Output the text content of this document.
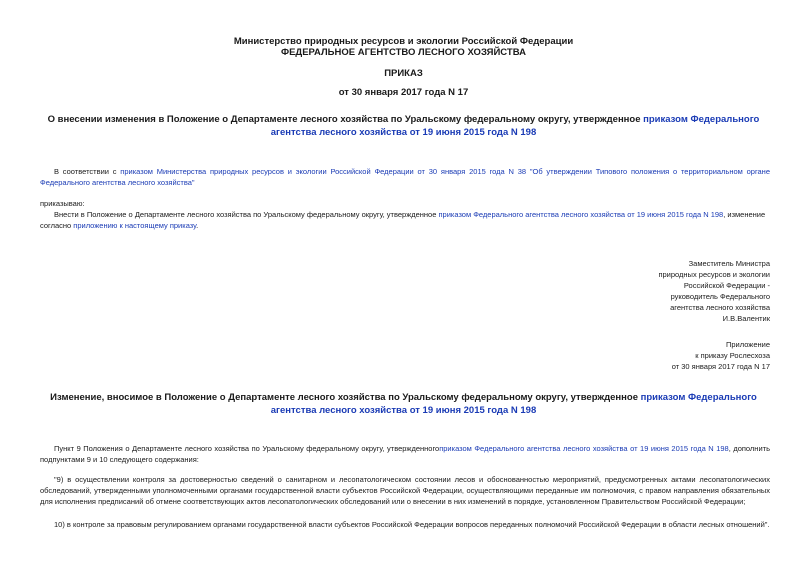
Министерство природных ресурсов и экологии Российской Федерации
ФЕДЕРАЛЬНОЕ АГЕНТСТВО ЛЕСНОГО ХОЗЯЙСТВА
ПРИКАЗ
от 30 января 2017 года N 17
О внесении изменения в Положение о Департаменте лесного хозяйства по Уральскому федеральному округу, утвержденное приказом Федерального агентства лесного хозяйства от 19 июня 2015 года N 198
В соответствии с приказом Министерства природных ресурсов и экологии Российской Федерации от 30 января 2015 года N 38 "Об утверждении Типового положения о территориальном органе Федерального агентства лесного хозяйства"
приказываю:
Внести в Положение о Департаменте лесного хозяйства по Уральскому федеральному округу, утвержденное приказом Федерального агентства лесного хозяйства от 19 июня 2015 года N 198, изменение согласно приложению к настоящему приказу.
Заместитель Министра
природных ресурсов и экологии
Российской Федерации -
руководитель Федерального
агентства лесного хозяйства
И.В.Валентик
Приложение
к приказу Рослесхоза
от 30 января 2017 года N 17
Изменение, вносимое в Положение о Департаменте лесного хозяйства по Уральскому федеральному округу, утвержденное приказом Федерального агентства лесного хозяйства от 19 июня 2015 года N 198
Пункт 9 Положения о Департаменте лесного хозяйства по Уральскому федеральному округу, утвержденногоприказом Федерального агентства лесного хозяйства от 19 июня 2015 года N 198, дополнить подпунктами 9 и 10 следующего содержания:
"9) в осуществлении контроля за достоверностью сведений о санитарном и лесопатологическом состоянии лесов и обоснованностью мероприятий, предусмотренных актами лесопатологических обследований, утвержденными уполномоченными органами государственной власти субъектов Российской Федерации, осуществляющими переданные им полномочия, с правом направления обязательных для исполнения предписаний об отмене соответствующих актов лесопатологических обследований или о внесении в них изменений в порядке, установленном Правительством Российской Федерации;
10) в контроле за правовым регулированием органами государственной власти субъектов Российской Федерации вопросов переданных полномочий Российской Федерации в области лесных отношений".
